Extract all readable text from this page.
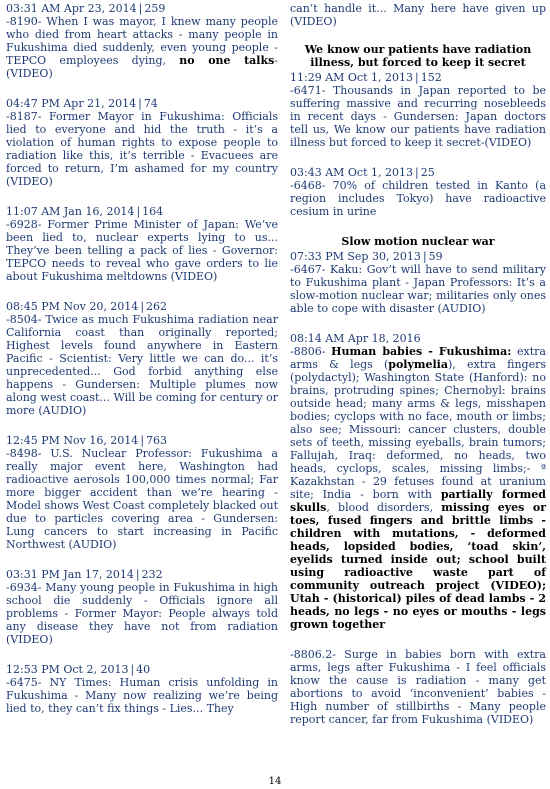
03:31 AM Apr 23, 2014 | 259
-8190- When I was mayor, I knew many people who died from heart attacks - many people in Fukushima died suddenly, even young people - TEPCO employees dying, no one talks- (VIDEO)
04:47 PM Apr 21, 2014 | 74
-8187- Former Mayor in Fukushima: Officials lied to everyone and hid the truth - it’s a violation of human rights to expose people to radiation like this, it’s terrible - Evacuees are forced to return, I’m ashamed for my country (VIDEO)
11:07 AM Jan 16, 2014 | 164
-6928- Former Prime Minister of Japan: We’ve been lied to, nuclear experts lying to us... They’ve been telling a pack of lies - Governor: TEPCO needs to reveal who gave orders to lie about Fukushima meltdowns (VIDEO)
08:45 PM Nov 20, 2014 | 262
-8504- Twice as much Fukushima radiation near California coast than originally reported; Highest levels found anywhere in Eastern Pacific - Scientist: Very little we can do... it’s unprecedented... God forbid anything else happens - Gundersen: Multiple plumes now along west coast... Will be coming for century or more (AUDIO)
12:45 PM Nov 16, 2014 | 763
-8498- U.S. Nuclear Professor: Fukushima a really major event here, Washington had radioactive aerosols 100,000 times normal; Far more bigger accident than we’re hearing - Model shows West Coast completely blacked out due to particles covering area - Gundersen: Lung cancers to start increasing in Pacific Northwest (AUDIO)
03:31 PM Jan 17, 2014 | 232
-6934- Many young people in Fukushima in high school die suddenly - Officials ignore all problems - Former Mayor: People always told any disease they have not from radiation (VIDEO)
12:53 PM Oct 2, 2013 | 40
-6475- NY Times: Human crisis unfolding in Fukushima - Many now realizing we’re being lied to, they can’t fix things - Lies... They
can’t handle it... Many here have given up (VIDEO)
We know our patients have radiation illness, but forced to keep it secret
11:29 AM Oct 1, 2013 | 152
-6471- Thousands in Japan reported to be suffering massive and recurring nosebleeds in recent days - Gundersen: Japan doctors tell us, We know our patients have radiation illness but forced to keep it secret-(VIDEO)
03:43 AM Oct 1, 2013 | 25
-6468- 70% of children tested in Kanto (a region includes Tokyo) have radioactive cesium in urine
Slow motion nuclear war
07:33 PM Sep 30, 2013 | 59
-6467- Kaku: Gov’t will have to send military to Fukushima plant - Japan Professors: It’s a slow-motion nuclear war; militaries only ones able to cope with disaster (AUDIO)
08:14 AM Apr 18, 2016
-8806- Human babies - Fukushima: extra arms & legs (polymelia), extra fingers (polydactyl); Washington State (Hanford): no brains, protruding spines; Chernobyl: brains outside head; many arms & legs, misshapen bodies; cyclops with no face, mouth or limbs; also see; Missouri: cancer clusters, double sets of teeth, missing eyeballs, brain tumors; Fallujah, Iraq: deformed, no heads, two heads, cyclops, scales, missing limbs;- ª Kazakhstan - 29 fetuses found at uranium site; India - born with partially formed skulls, blood disorders, missing eyes or toes, fused fingers and brittle limbs - children with mutations, - deformed heads, lopsided bodies, ‘toad skin’, eyelids turned inside out; school built using radioactive waste part of community outreach project (VIDEO); Utah - (historical) piles of dead lambs - 2 heads, no legs - no eyes or mouths - legs grown together
-8806.2- Surge in babies born with extra arms, legs after Fukushima - I feel officials know the cause is radiation - many get abortions to avoid ‘inconvenient’ babies - High number of stillbirths - Many people report cancer, far from Fukushima (VIDEO)
14
